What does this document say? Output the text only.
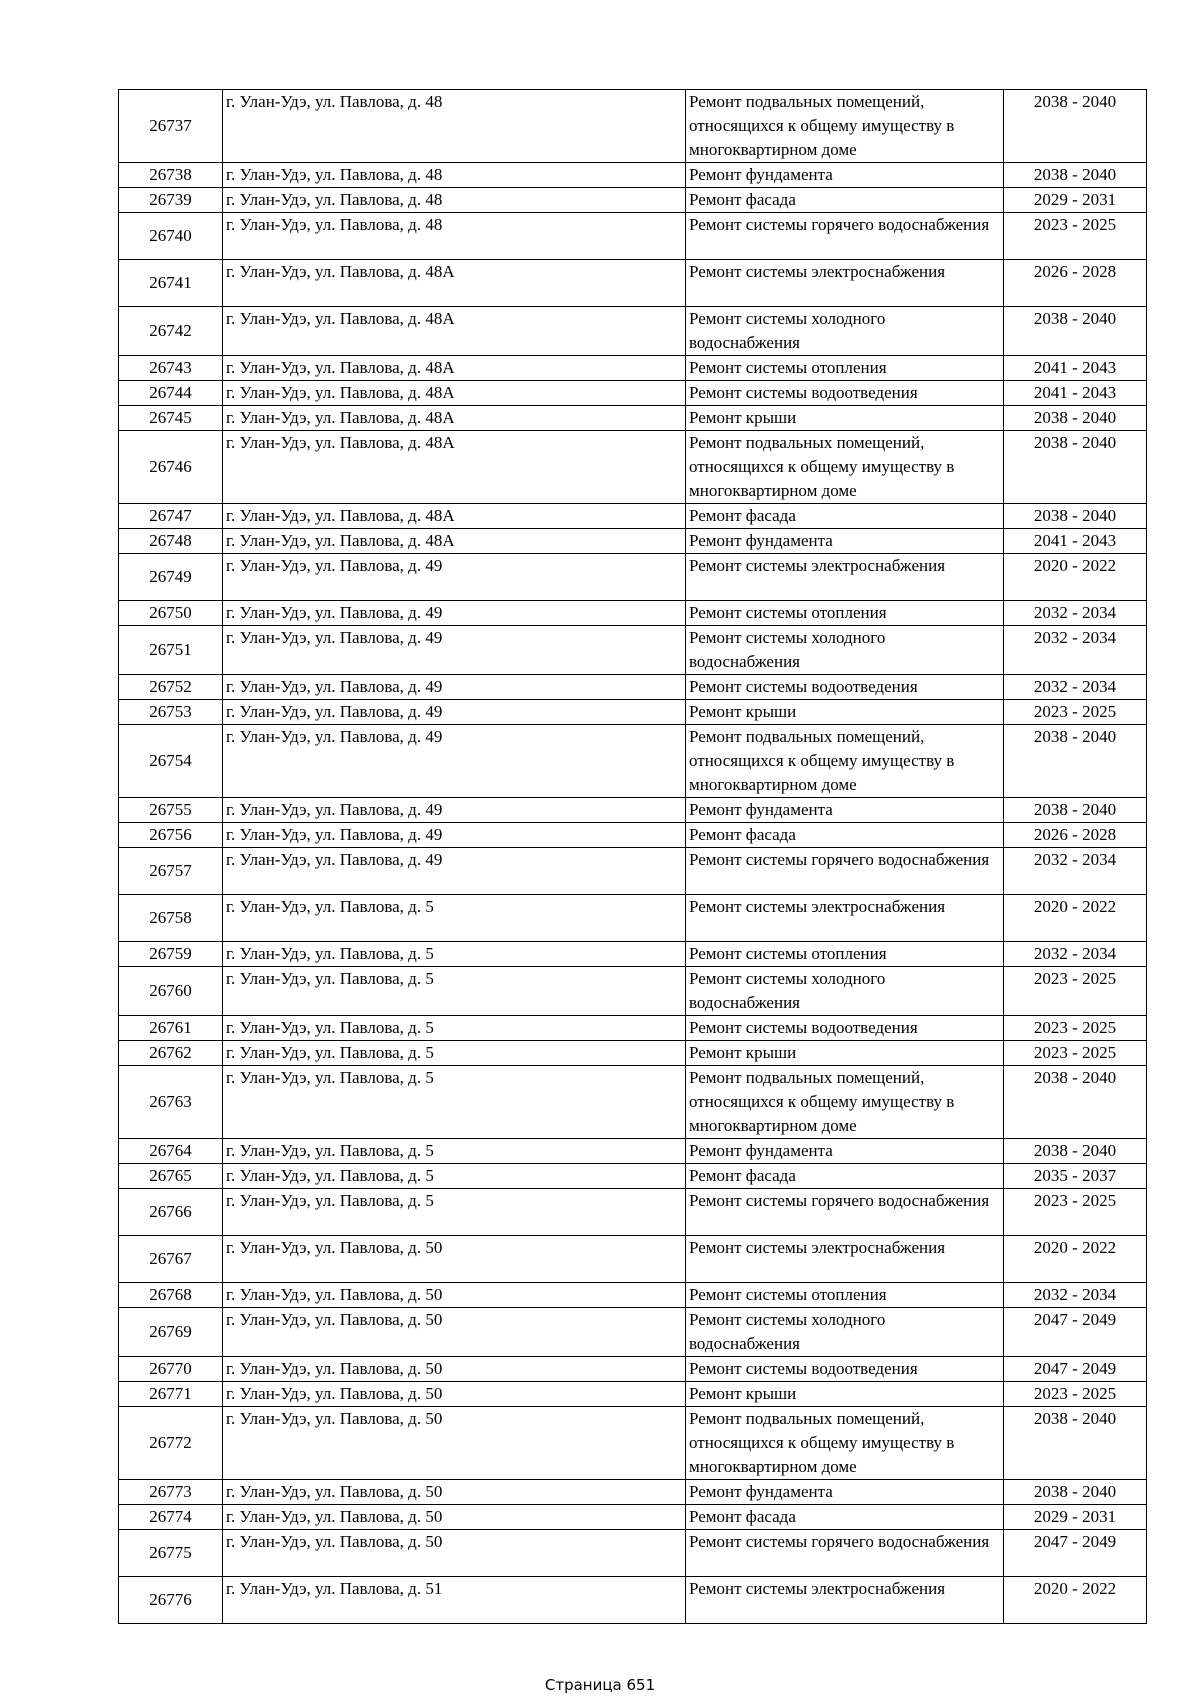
26737	г. Улан-Удэ, ул. Павлова, д. 48	Ремонт подвальных помещений, относящихся к общему имуществу в многоквартирном доме	2038 - 2040
26738	г. Улан-Удэ, ул. Павлова, д. 48	Ремонт фундамента	2038 - 2040
26739	г. Улан-Удэ, ул. Павлова, д. 48	Ремонт фасада	2029 - 2031
26740	г. Улан-Удэ, ул. Павлова, д. 48	Ремонт системы горячего водоснабжения	2023 - 2025
26741	г. Улан-Удэ, ул. Павлова, д. 48А	Ремонт системы электроснабжения	2026 - 2028
26742	г. Улан-Удэ, ул. Павлова, д. 48А	Ремонт системы холодного водоснабжения	2038 - 2040
26743	г. Улан-Удэ, ул. Павлова, д. 48А	Ремонт системы отопления	2041 - 2043
26744	г. Улан-Удэ, ул. Павлова, д. 48А	Ремонт системы водоотведения	2041 - 2043
26745	г. Улан-Удэ, ул. Павлова, д. 48А	Ремонт крыши	2038 - 2040
26746	г. Улан-Удэ, ул. Павлова, д. 48А	Ремонт подвальных помещений, относящихся к общему имуществу в многоквартирном доме	2038 - 2040
26747	г. Улан-Удэ, ул. Павлова, д. 48А	Ремонт фасада	2038 - 2040
26748	г. Улан-Удэ, ул. Павлова, д. 48А	Ремонт фундамента	2041 - 2043
26749	г. Улан-Удэ, ул. Павлова, д. 49	Ремонт системы электроснабжения	2020 - 2022
26750	г. Улан-Удэ, ул. Павлова, д. 49	Ремонт системы отопления	2032 - 2034
26751	г. Улан-Удэ, ул. Павлова, д. 49	Ремонт системы холодного водоснабжения	2032 - 2034
26752	г. Улан-Удэ, ул. Павлова, д. 49	Ремонт системы водоотведения	2032 - 2034
26753	г. Улан-Удэ, ул. Павлова, д. 49	Ремонт крыши	2023 - 2025
26754	г. Улан-Удэ, ул. Павлова, д. 49	Ремонт подвальных помещений, относящихся к общему имуществу в многоквартирном доме	2038 - 2040
26755	г. Улан-Удэ, ул. Павлова, д. 49	Ремонт фундамента	2038 - 2040
26756	г. Улан-Удэ, ул. Павлова, д. 49	Ремонт фасада	2026 - 2028
26757	г. Улан-Удэ, ул. Павлова, д. 49	Ремонт системы горячего водоснабжения	2032 - 2034
26758	г. Улан-Удэ, ул. Павлова, д. 5	Ремонт системы электроснабжения	2020 - 2022
26759	г. Улан-Удэ, ул. Павлова, д. 5	Ремонт системы отопления	2032 - 2034
26760	г. Улан-Удэ, ул. Павлова, д. 5	Ремонт системы холодного водоснабжения	2023 - 2025
26761	г. Улан-Удэ, ул. Павлова, д. 5	Ремонт системы водоотведения	2023 - 2025
26762	г. Улан-Удэ, ул. Павлова, д. 5	Ремонт крыши	2023 - 2025
26763	г. Улан-Удэ, ул. Павлова, д. 5	Ремонт подвальных помещений, относящихся к общему имуществу в многоквартирном доме	2038 - 2040
26764	г. Улан-Удэ, ул. Павлова, д. 5	Ремонт фундамента	2038 - 2040
26765	г. Улан-Удэ, ул. Павлова, д. 5	Ремонт фасада	2035 - 2037
26766	г. Улан-Удэ, ул. Павлова, д. 5	Ремонт системы горячего водоснабжения	2023 - 2025
26767	г. Улан-Удэ, ул. Павлова, д. 50	Ремонт системы электроснабжения	2020 - 2022
26768	г. Улан-Удэ, ул. Павлова, д. 50	Ремонт системы отопления	2032 - 2034
26769	г. Улан-Удэ, ул. Павлова, д. 50	Ремонт системы холодного водоснабжения	2047 - 2049
26770	г. Улан-Удэ, ул. Павлова, д. 50	Ремонт системы водоотведения	2047 - 2049
26771	г. Улан-Удэ, ул. Павлова, д. 50	Ремонт крыши	2023 - 2025
26772	г. Улан-Удэ, ул. Павлова, д. 50	Ремонт подвальных помещений, относящихся к общему имуществу в многоквартирном доме	2038 - 2040
26773	г. Улан-Удэ, ул. Павлова, д. 50	Ремонт фундамента	2038 - 2040
26774	г. Улан-Удэ, ул. Павлова, д. 50	Ремонт фасада	2029 - 2031
26775	г. Улан-Удэ, ул. Павлова, д. 50	Ремонт системы горячего водоснабжения	2047 - 2049
26776	г. Улан-Удэ, ул. Павлова, д. 51	Ремонт системы электроснабжения	2020 - 2022
Страница 651
